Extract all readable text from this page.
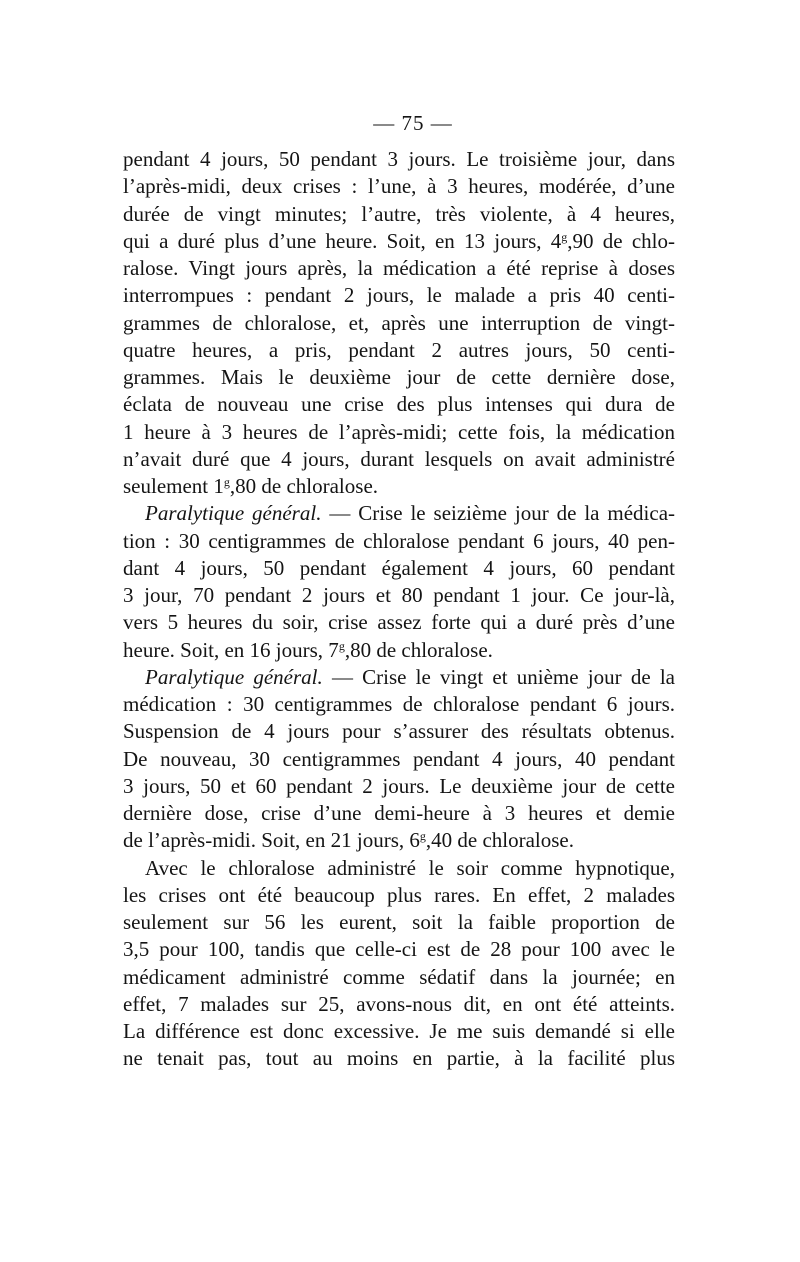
— 75 —
pendant 4 jours, 50 pendant 3 jours. Le troisième jour, dans
l’après-midi, deux crises : l’une, à 3 heures, modérée, d’une
durée de vingt minutes; l’autre, très violente, à 4 heures,
qui a duré plus d’une heure. Soit, en 13 jours, 4$^g$,90 de chlo-
ralose. Vingt jours après, la médication a été reprise à doses
interrompues : pendant 2 jours, le malade a pris 40 centi-
grammes de chloralose, et, après une interruption de vingt-
quatre heures, a pris, pendant 2 autres jours, 50 centi-
grammes. Mais le deuxième jour de cette dernière dose,
éclata de nouveau une crise des plus intenses qui dura de
1 heure à 3 heures de l’après-midi; cette fois, la médication
n’avait duré que 4 jours, durant lesquels on avait administré
seulement 1$^g$,80 de chloralose.
Paralytique général. — Crise le seizième jour de la médica-
tion : 30 centigrammes de chloralose pendant 6 jours, 40 pen-
dant 4 jours, 50 pendant également 4 jours, 60 pendant
3 jour, 70 pendant 2 jours et 80 pendant 1 jour. Ce jour-là,
vers 5 heures du soir, crise assez forte qui a duré près d’une
heure. Soit, en 16 jours, 7$^g$,80 de chloralose.
Paralytique général. — Crise le vingt et unième jour de la
médication : 30 centigrammes de chloralose pendant 6 jours.
Suspension de 4 jours pour s’assurer des résultats obtenus.
De nouveau, 30 centigrammes pendant 4 jours, 40 pendant
3 jours, 50 et 60 pendant 2 jours. Le deuxième jour de cette
dernière dose, crise d’une demi-heure à 3 heures et demie
de l’après-midi. Soit, en 21 jours, 6$^g$,40 de chloralose.
Avec le chloralose administré le soir comme hypnotique,
les crises ont été beaucoup plus rares. En effet, 2 malades
seulement sur 56 les eurent, soit la faible proportion de
3,5 pour 100, tandis que celle-ci est de 28 pour 100 avec le
médicament administré comme sédatif dans la journée; en
effet, 7 malades sur 25, avons-nous dit, en ont été atteints.
La différence est donc excessive. Je me suis demandé si elle
ne tenait pas, tout au moins en partie, à la facilité plus
